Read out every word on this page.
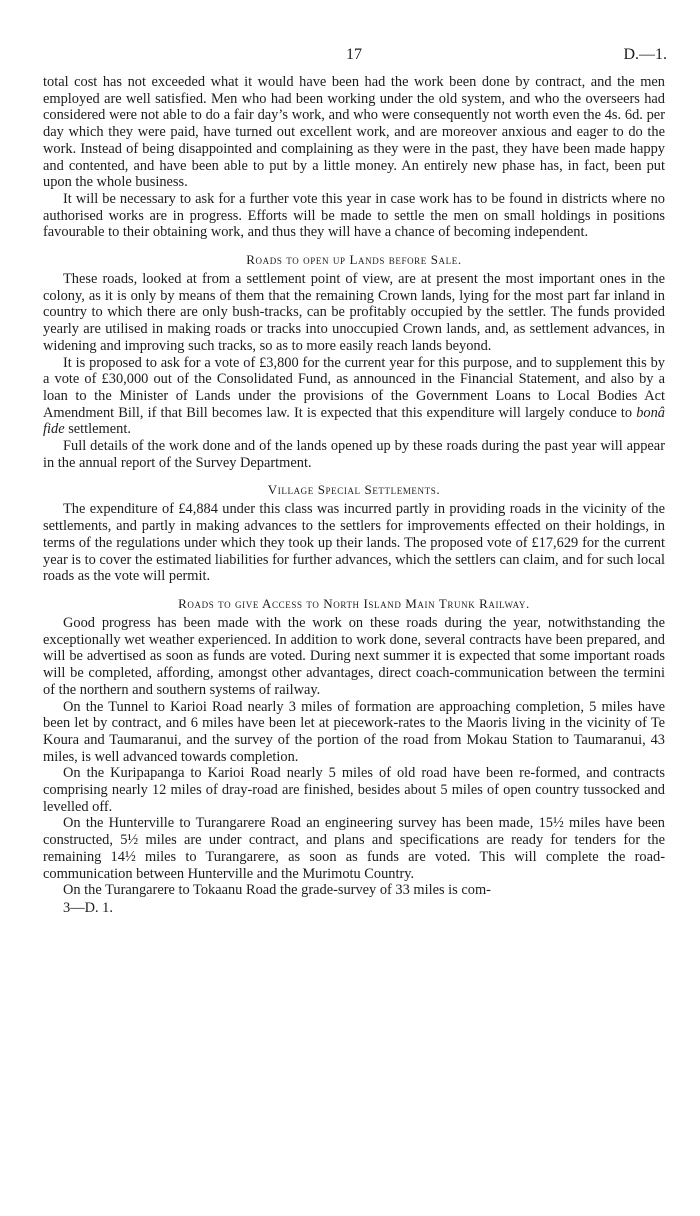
17	D.—1.

total cost has not exceeded what it would have been had the work been done by contract, and the men employed are well satisfied. Men who had been working under the old system, and who the overseers had considered were not able to do a fair day’s work, and who were consequently not worth even the 4s. 6d. per day which they were paid, have turned out excellent work, and are moreover anxious and eager to do the work. Instead of being disappointed and complaining as they were in the past, they have been made happy and contented, and have been able to put by a little money. An entirely new phase has, in fact, been put upon the whole business.

It will be necessary to ask for a further vote this year in case work has to be found in districts where no authorised works are in progress. Efforts will be made to settle the men on small holdings in positions favourable to their obtaining work, and thus they will have a chance of becoming independent.

Roads to open up Lands before Sale.

These roads, looked at from a settlement point of view, are at present the most important ones in the colony, as it is only by means of them that the remaining Crown lands, lying for the most part far inland in country to which there are only bush-tracks, can be profitably occupied by the settler. The funds provided yearly are utilised in making roads or tracks into unoccupied Crown lands, and, as settlement advances, in widening and improving such tracks, so as to more easily reach lands beyond.

It is proposed to ask for a vote of £3,800 for the current year for this purpose, and to supplement this by a vote of £30,000 out of the Consolidated Fund, as announced in the Financial Statement, and also by a loan to the Minister of Lands under the provisions of the Government Loans to Local Bodies Act Amendment Bill, if that Bill becomes law. It is expected that this expenditure will largely conduce to bonâ fide settlement.

Full details of the work done and of the lands opened up by these roads during the past year will appear in the annual report of the Survey Department.

Village Special Settlements.

The expenditure of £4,884 under this class was incurred partly in providing roads in the vicinity of the settlements, and partly in making advances to the settlers for improvements effected on their holdings, in terms of the regulations under which they took up their lands. The proposed vote of £17,629 for the current year is to cover the estimated liabilities for further advances, which the settlers can claim, and for such local roads as the vote will permit.

Roads to give Access to North Island Main Trunk Railway.

Good progress has been made with the work on these roads during the year, notwithstanding the exceptionally wet weather experienced. In addition to work done, several contracts have been prepared, and will be advertised as soon as funds are voted. During next summer it is expected that some important roads will be completed, affording, amongst other advantages, direct coach-communication between the termini of the northern and southern systems of railway.

On the Tunnel to Karioi Road nearly 3 miles of formation are approaching completion, 5 miles have been let by contract, and 6 miles have been let at piecework-rates to the Maoris living in the vicinity of Te Koura and Taumaranui, and the survey of the portion of the road from Mokau Station to Taumaranui, 43 miles, is well advanced towards completion.

On the Kuripapanga to Karioi Road nearly 5 miles of old road have been re-formed, and contracts comprising nearly 12 miles of dray-road are finished, besides about 5 miles of open country tussocked and levelled off.

On the Hunterville to Turangarere Road an engineering survey has been made, 15½ miles have been constructed, 5½ miles are under contract, and plans and specifications are ready for tenders for the remaining 14½ miles to Turangarere, as soon as funds are voted. This will complete the road-communication between Hunterville and the Murimotu Country.

On the Turangarere to Tokaanu Road the grade-survey of 33 miles is com-

3—D. 1.
